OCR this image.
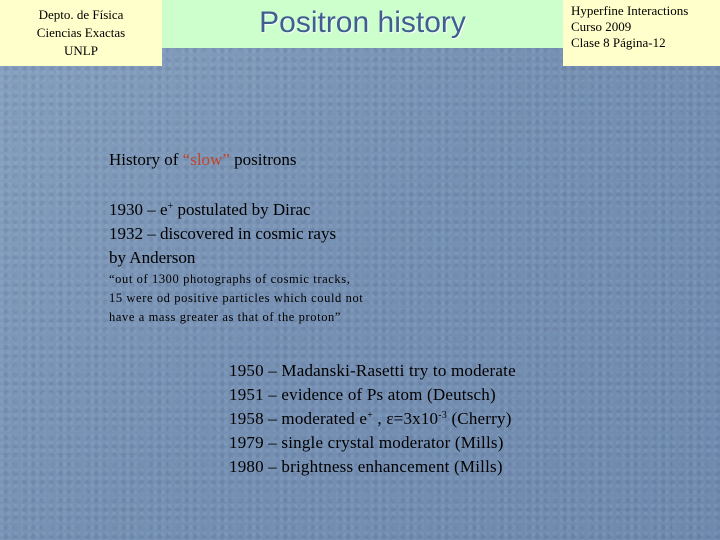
Depto. de Física
Ciencias Exactas
UNLP
Positron history	Hyperfine Interactions
Curso 2009
Clase 8 Página-12
History of “slow” positrons
1930 – e+ postulated by Dirac
1932 – discovered in cosmic rays
by Anderson
“out of 1300 photographs of cosmic tracks,
15 were od positive particles which could not
have a mass greater as that of the proton”
1950 – Madanski-Rasetti try to moderate
1951 – evidence of Ps atom (Deutsch)
1958 – moderated e+ , $\varepsilon=3x10^{-3}$ (Cherry)
1979 – single crystal moderator (Mills)
1980 – brightness enhancement (Mills)
